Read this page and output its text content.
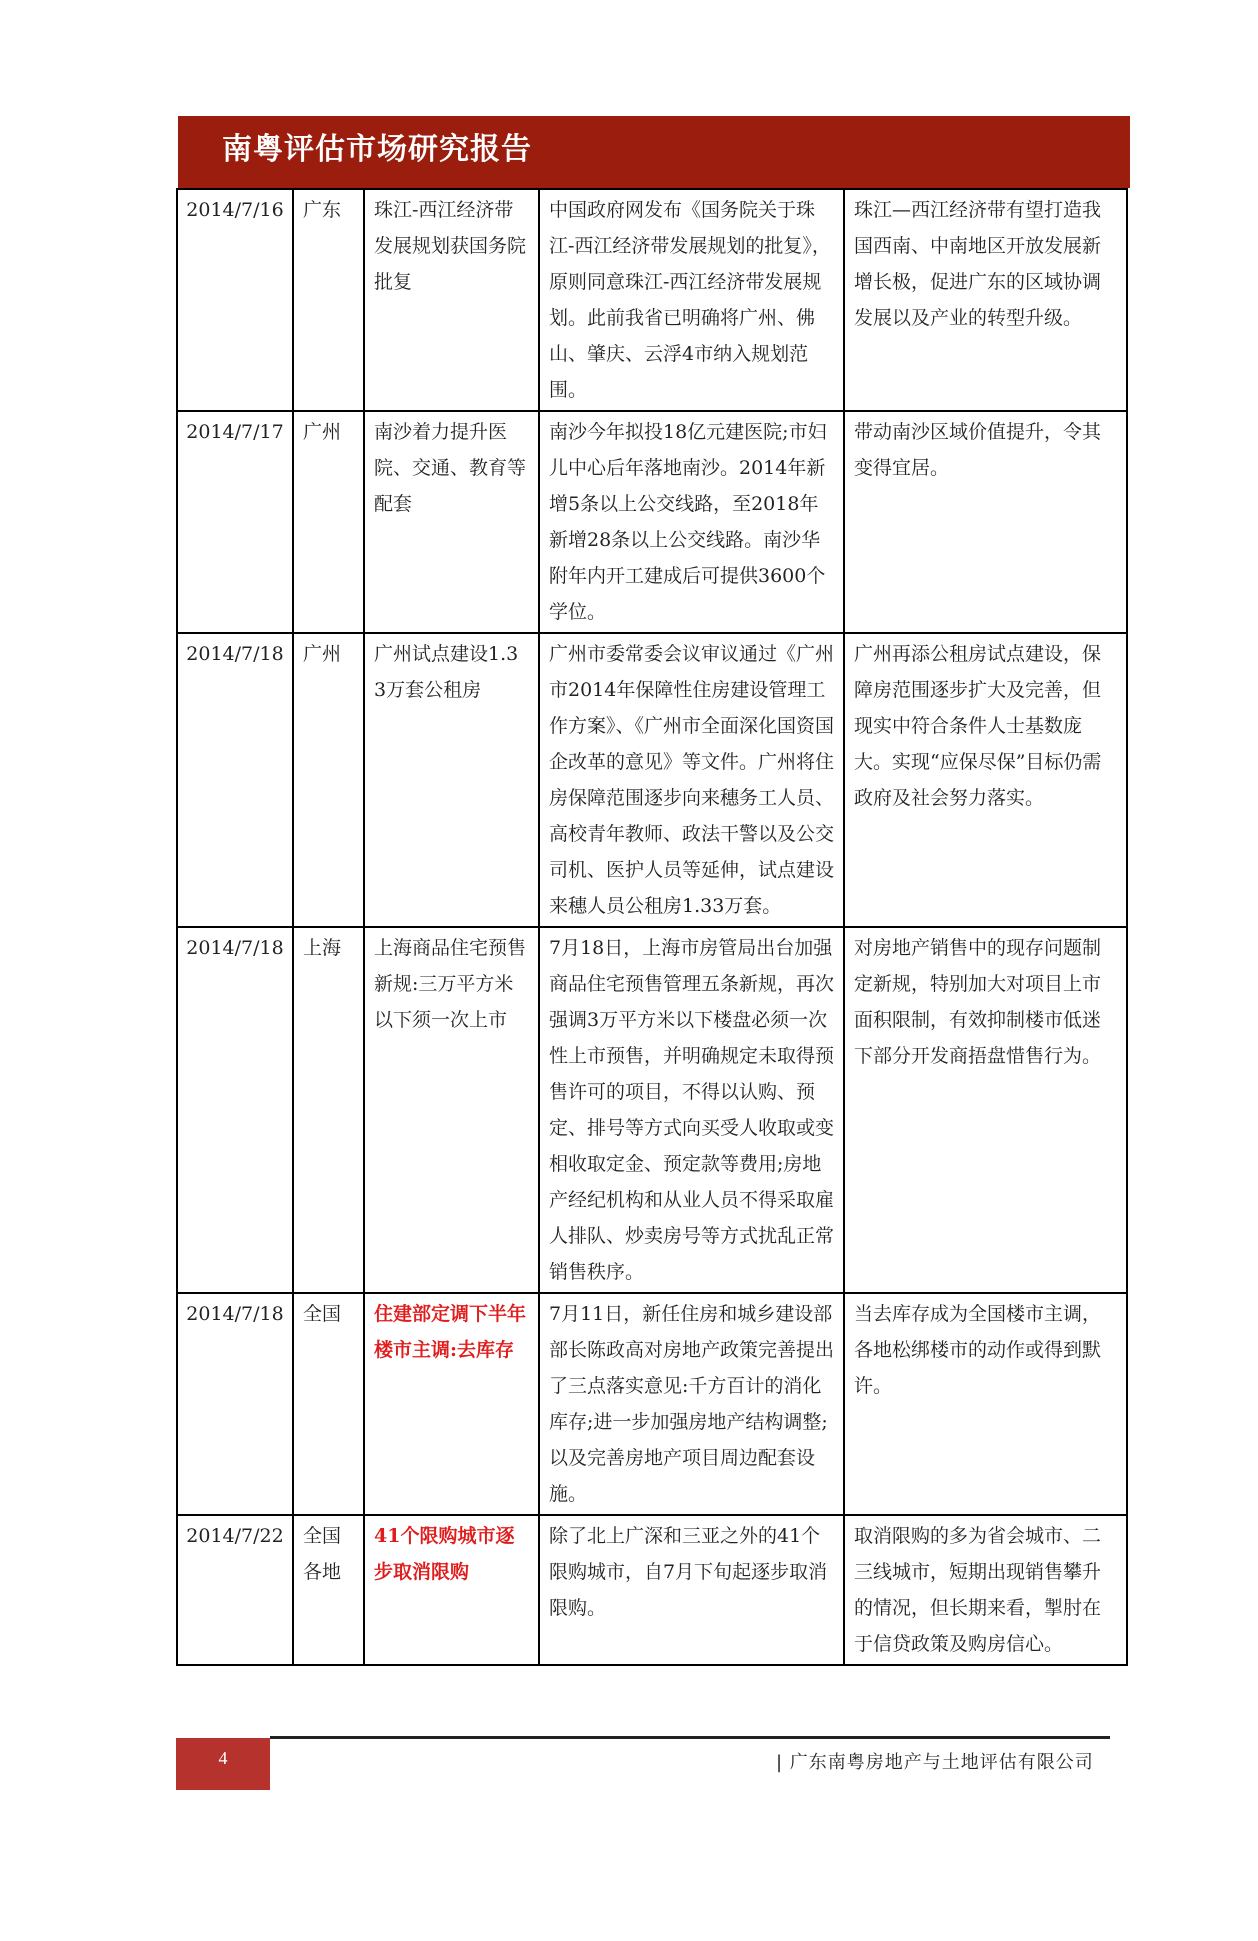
南粤评估市场研究报告
2014/7/16	广东	珠江-西江经济带发展规划获国务院批复	中国政府网发布《国务院关于珠江-西江经济带发展规划的批复》，原则同意珠江-西江经济带发展规划。此前我省已明确将广州、佛山、肇庆、云浮4市纳入规划范围。	珠江—西江经济带有望打造我国西南、中南地区开放发展新增长极，促进广东的区域协调发展以及产业的转型升级。
2014/7/17	广州	南沙着力提升医院、交通、教育等配套	南沙今年拟投18亿元建医院;市妇儿中心后年落地南沙。2014年新增5条以上公交线路，至2018年新增28条以上公交线路。南沙华附年内开工建成后可提供3600个学位。	带动南沙区域价值提升，令其变得宜居。
2014/7/18	广州	广州试点建设1.33万套公租房	广州市委常委会议审议通过《广州市2014年保障性住房建设管理工作方案》、《广州市全面深化国资国企改革的意见》等文件。广州将住房保障范围逐步向来穗务工人员、高校青年教师、政法干警以及公交司机、医护人员等延伸，试点建设来穗人员公租房1.33万套。	广州再添公租房试点建设，保障房范围逐步扩大及完善，但现实中符合条件人士基数庞大。实现“应保尽保”目标仍需政府及社会努力落实。
2014/7/18	上海	上海商品住宅预售新规:三万平方米以下须一次上市	7月18日，上海市房管局出台加强商品住宅预售管理五条新规，再次强调3万平方米以下楼盘必须一次性上市预售，并明确规定未取得预售许可的项目，不得以认购、预定、排号等方式向买受人收取或变相收取定金、预定款等费用;房地产经纪机构和从业人员不得采取雇人排队、炒卖房号等方式扰乱正常销售秩序。	对房地产销售中的现存问题制定新规，特别加大对项目上市面积限制，有效抑制楼市低迷下部分开发商捂盘惜售行为。
2014/7/18	全国	住建部定调下半年楼市主调:去库存	7月11日，新任住房和城乡建设部部长陈政高对房地产政策完善提出了三点落实意见:千方百计的消化库存;进一步加强房地产结构调整;以及完善房地产项目周边配套设施。	当去库存成为全国楼市主调，各地松绑楼市的动作或得到默许。
2014/7/22	全国各地	41个限购城市逐步取消限购	除了北上广深和三亚之外的41个限购城市，自7月下旬起逐步取消限购。	取消限购的多为省会城市、二三线城市，短期出现销售攀升的情况，但长期来看，掣肘在于信贷政策及购房信心。
4	| 广东南粤房地产与土地评估有限公司
